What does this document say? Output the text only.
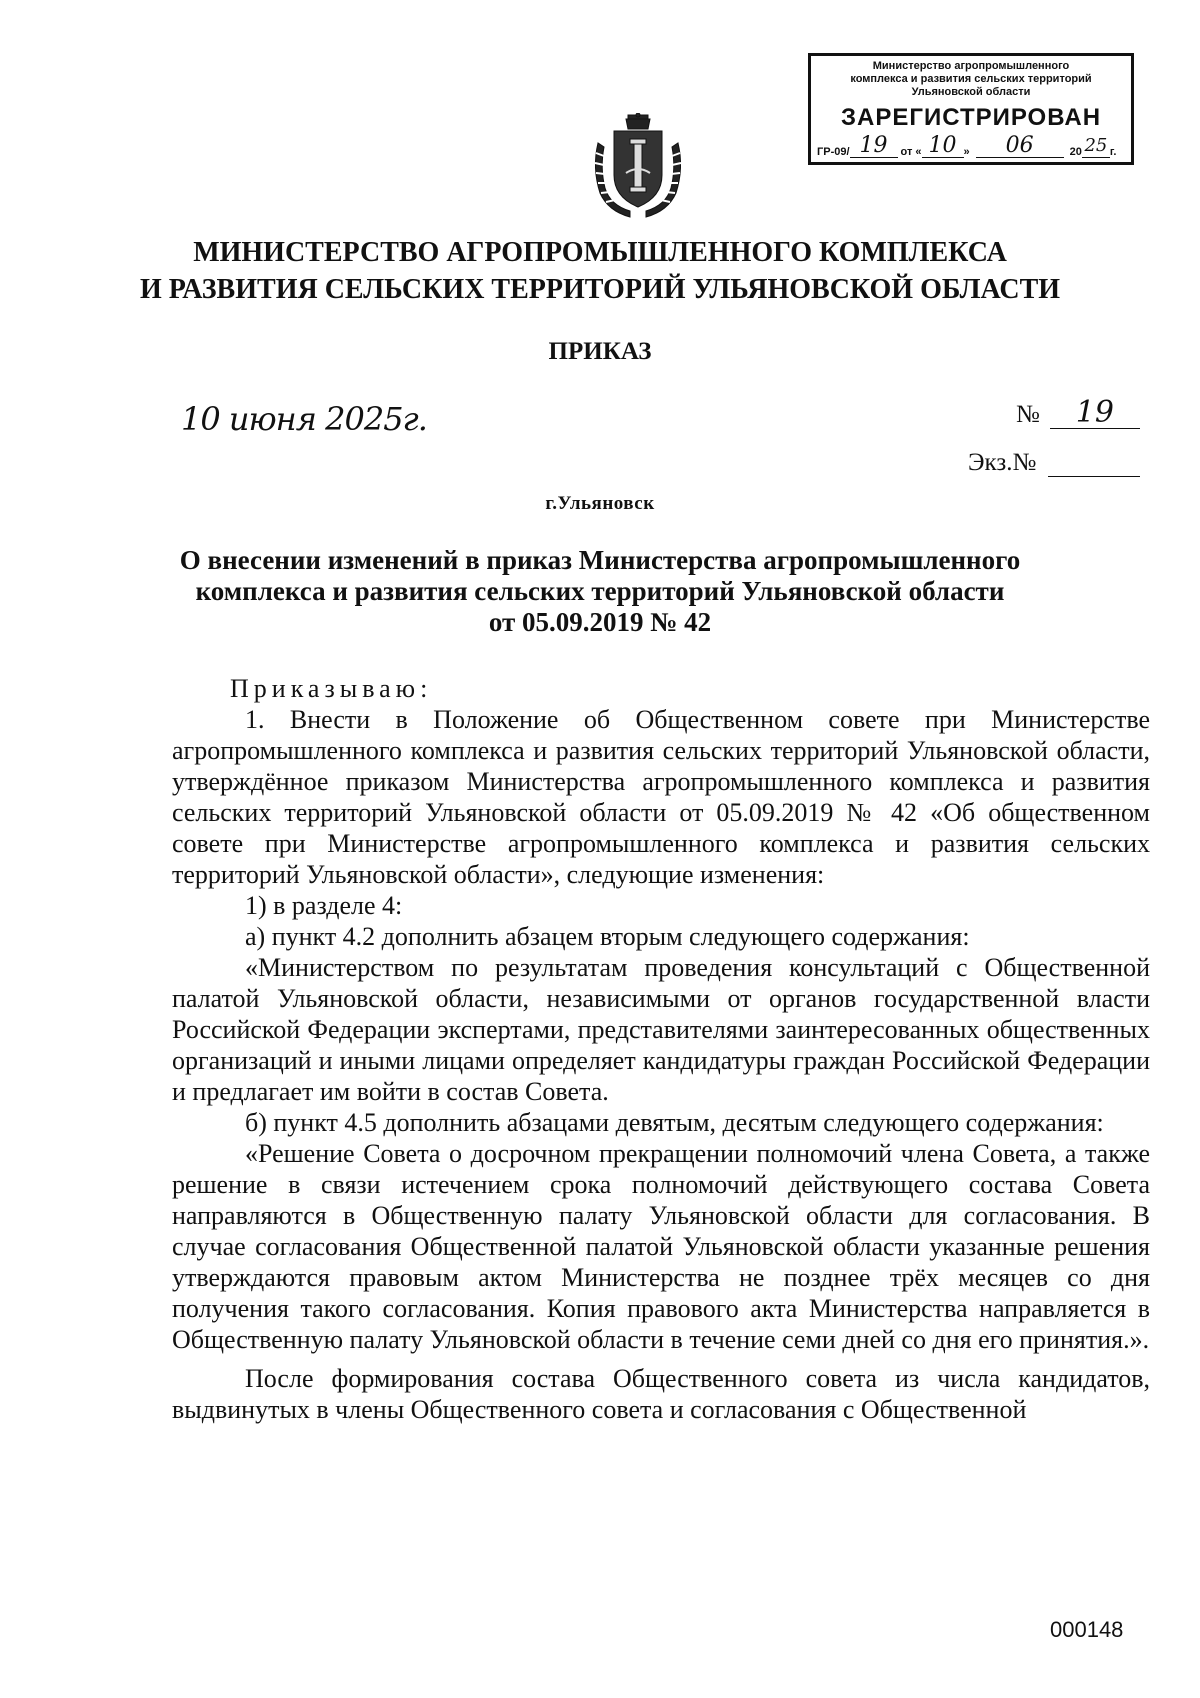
Министерство агропромышленного
комплекса и развития сельских территорий
Ульяновской области
ЗАРЕГИСТРИРОВАН
ГР-09/ 19	от « 10 »	06	20 25 г.
МИНИСТЕРСТВО АГРОПРОМЫШЛЕННОГО КОМПЛЕКСА
И РАЗВИТИЯ СЕЛЬСКИХ ТЕРРИТОРИЙ УЛЬЯНОВСКОЙ ОБЛАСТИ
ПРИКАЗ
10 июня 2025г.	№	19
Экз.№
г.Ульяновск
О внесении изменений в приказ Министерства агропромышленного
комплекса и развития сельских территорий Ульяновской области
от 05.09.2019 № 42

Приказываю:

1. Внести в Положение об Общественном совете при Министерстве агропромышленного комплекса и развития сельских территорий Ульяновской области, утверждённое приказом Министерства агропромышленного комплекса и развития сельских территорий Ульяновской области от 05.09.2019 № 42 «Об общественном совете при Министерстве агропромышленного комплекса и развития сельских территорий Ульяновской области», следующие изменения:

1) в разделе 4:

а) пункт 4.2 дополнить абзацем вторым следующего содержания:

«Министерством по результатам проведения консультаций с Общественной палатой Ульяновской области, независимыми от органов государственной власти Российской Федерации экспертами, представителями заинтересованных общественных организаций и иными лицами определяет кандидатуры граждан Российской Федерации и предлагает им войти в состав Совета.

б) пункт 4.5 дополнить абзацами девятым, десятым следующего содержания:

«Решение Совета о досрочном прекращении полномочий члена Совета, а также решение в связи истечением срока полномочий действующего состава Совета направляются в Общественную палату Ульяновской области для согласования. В случае согласования Общественной палатой Ульяновской области указанные решения утверждаются правовым актом Министерства не позднее трёх месяцев со дня получения такого согласования. Копия правового акта Министерства направляется в Общественную палату Ульяновской области в течение семи дней со дня его принятия.».

После формирования состава Общественного совета из числа кандидатов, выдвинутых в члены Общественного совета и согласования с Общественной

000148
